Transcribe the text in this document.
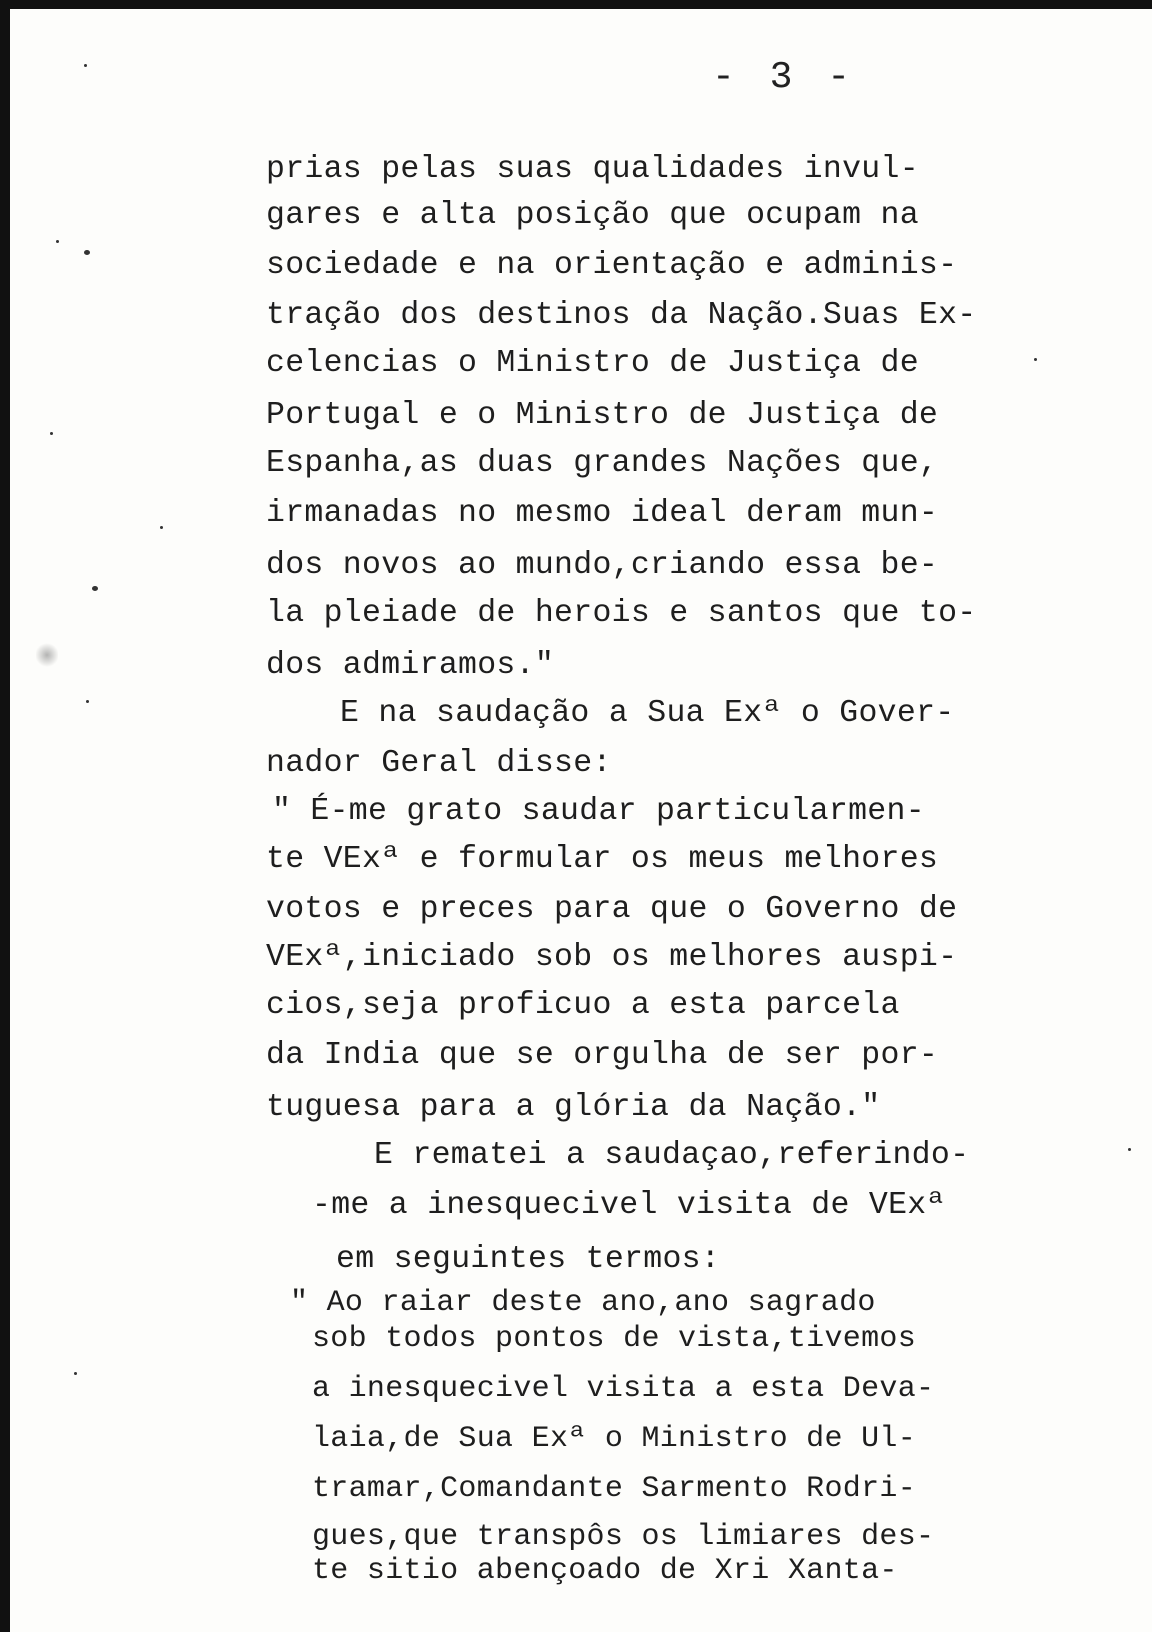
- 3 -
prias pelas suas qualidades invul-
gares e alta posição que ocupam na
sociedade e na orientação e adminis-
tração dos destinos da Nação.Suas Ex-
celencias o Ministro de Justiça de
Portugal e o Ministro de Justiça de
Espanha,as duas grandes Nações que,
irmanadas no mesmo ideal deram mun-
dos novos ao mundo,criando essa be-
la pleiade de herois e santos que to-
dos admiramos."
E na saudação a Sua Exª o Gover-
nador Geral disse:
" É-me grato saudar particularmen-
te VExª e formular os meus melhores
votos e preces para que o Governo de
VExª,iniciado sob os melhores auspi-
cios,seja proficuo a esta parcela
da India que se orgulha de ser por-
tuguesa para a glória da Nação."
E rematei a saudaçao,referindo-
-me a inesquecivel visita de VExª
em seguintes termos:
" Ao raiar deste ano,ano sagrado
sob todos pontos de vista,tivemos
a inesquecivel visita a esta Deva-
laia,de Sua Exª o Ministro de Ul-
tramar,Comandante Sarmento Rodri-
gues,que transpôs os limiares des-
te sitio abençoado de Xri Xanta-
